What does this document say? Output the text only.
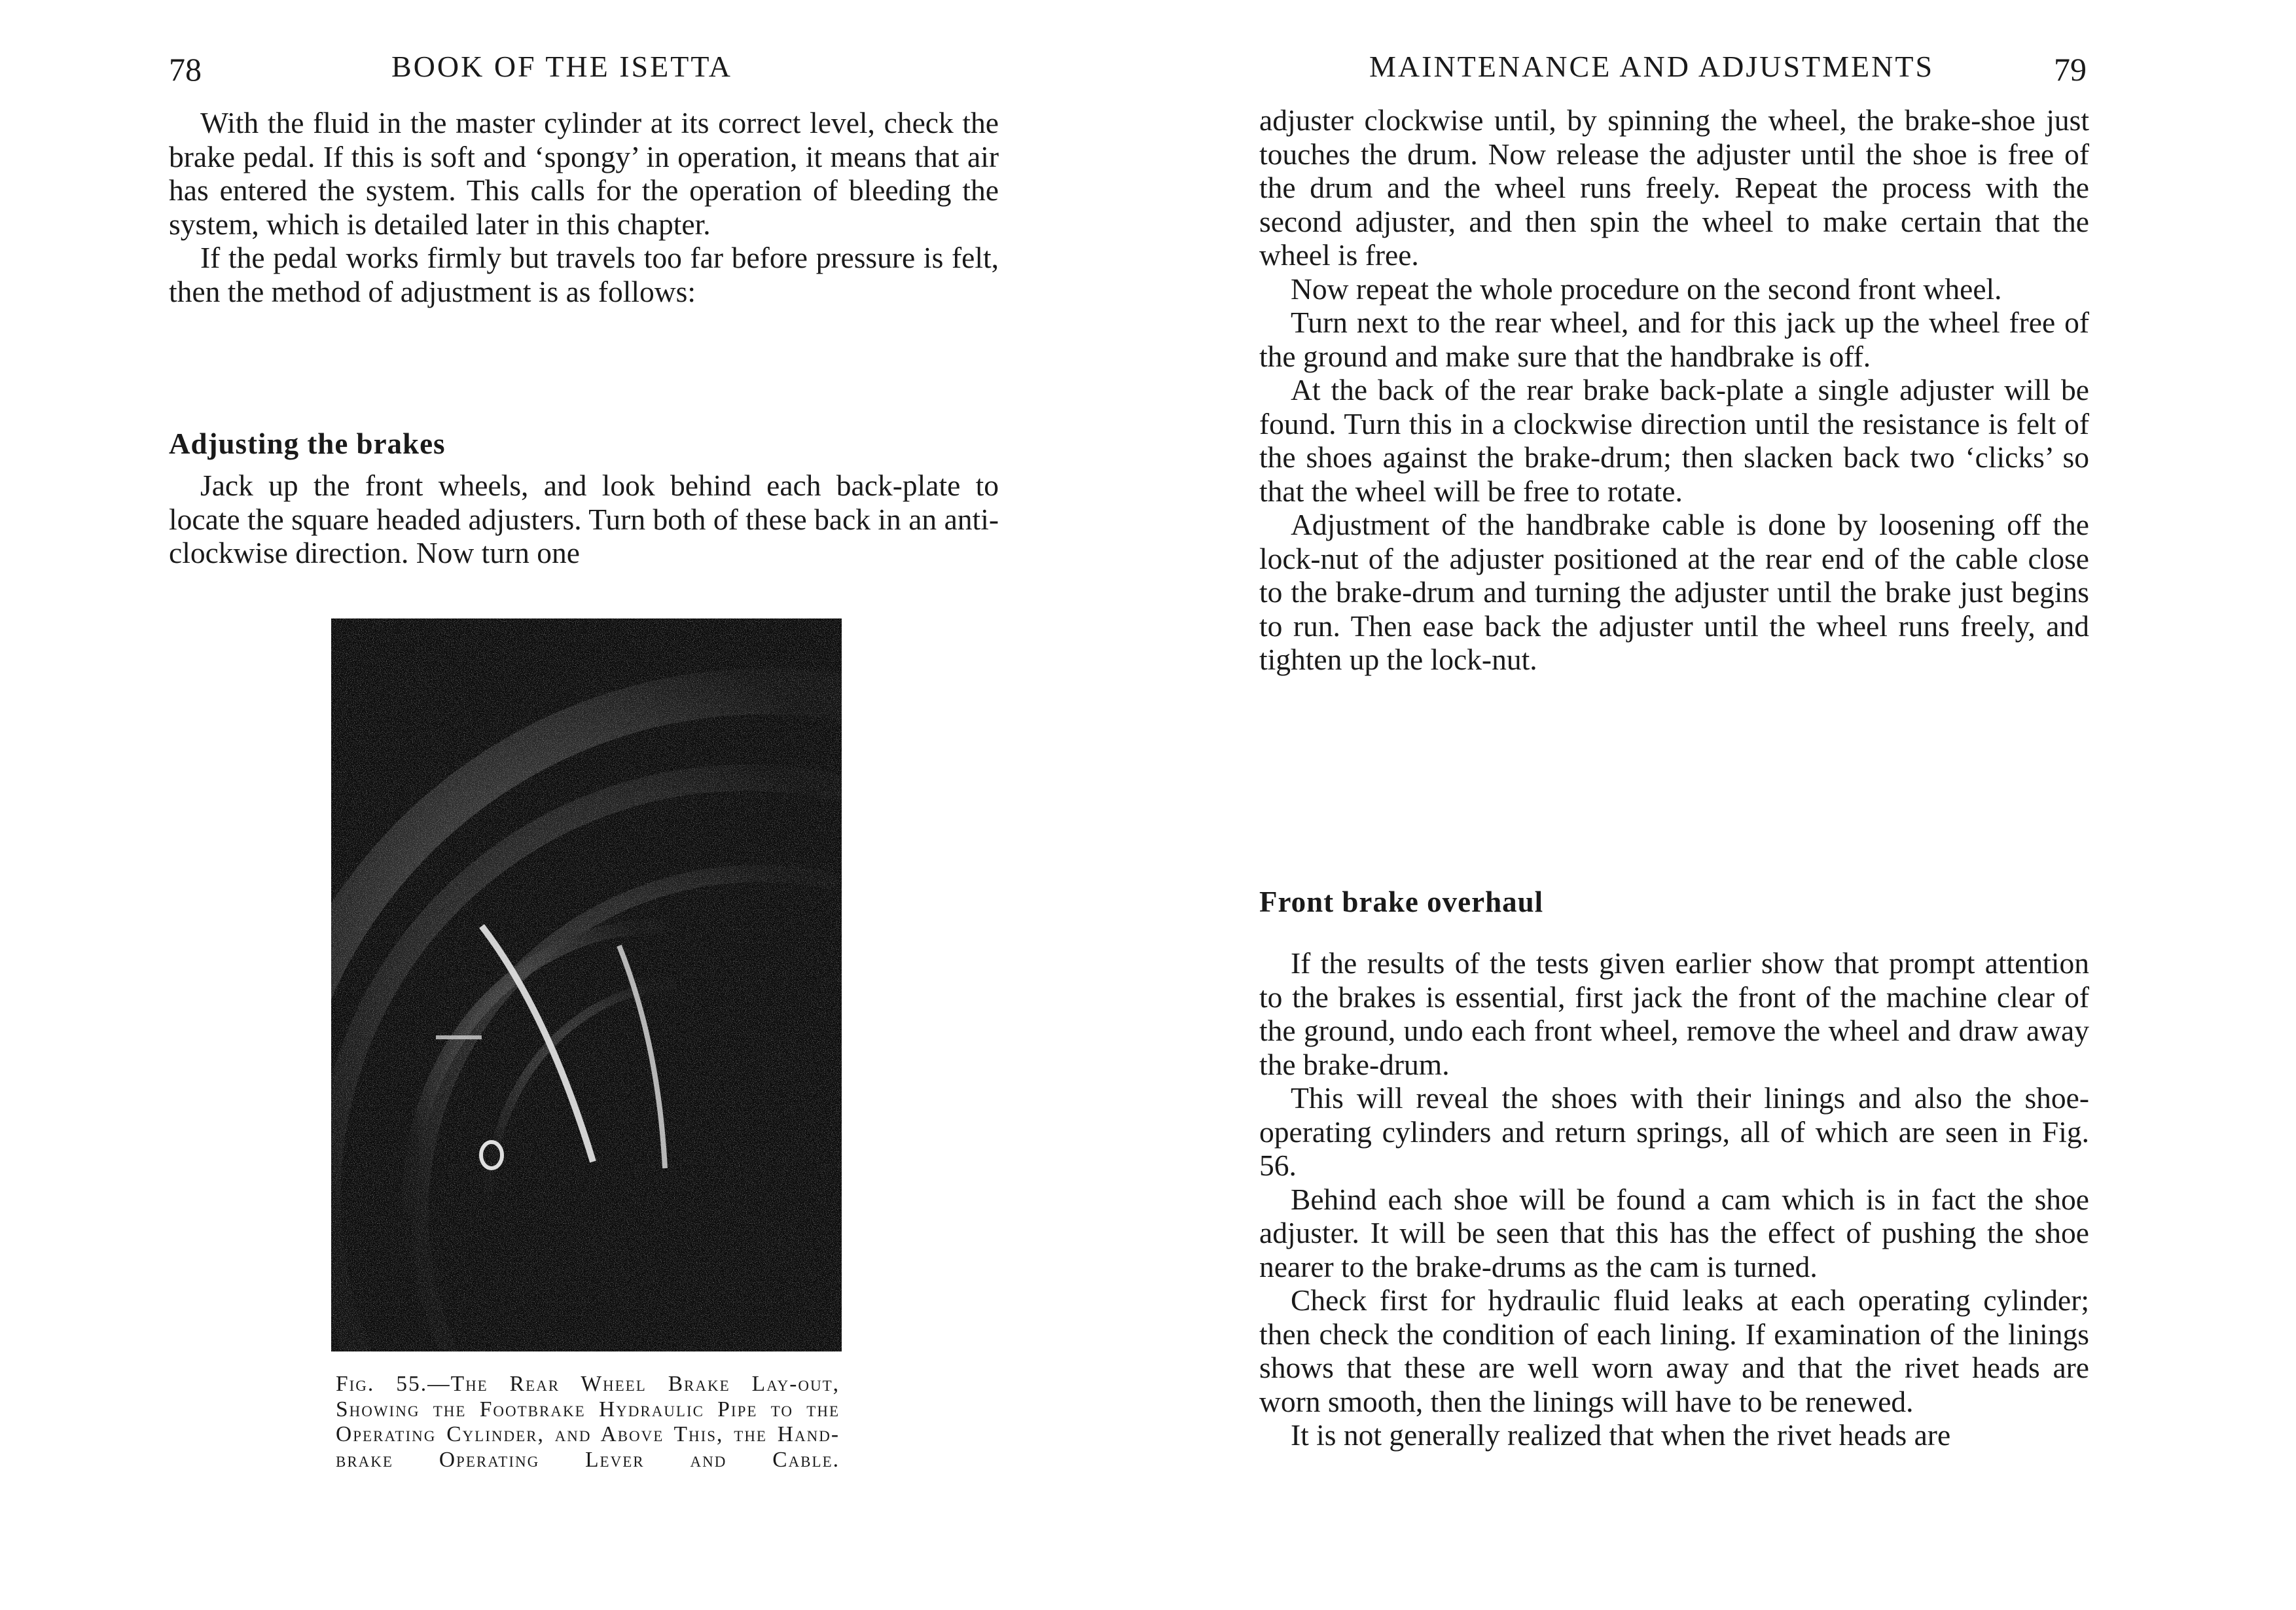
78	BOOK OF THE ISETTA

With the fluid in the master cylinder at its correct level, check the brake pedal. If this is soft and ‘spongy’ in operation, it means that air has entered the system. This calls for the operation of bleeding the system, which is detailed later in this chapter.

If the pedal works firmly but travels too far before pressure is felt, then the method of adjustment is as follows:

Adjusting the brakes

Jack up the front wheels, and look behind each back-plate to locate the square headed adjusters. Turn both of these back in an anti-clockwise direction. Now turn one

Fig. 55.—The Rear Wheel Brake Lay-out, Showing the Footbrake Hydraulic Pipe to the Operating Cylinder, and Above This, the Hand-brake Operating Lever and Cable.
MAINTENANCE AND ADJUSTMENTS	79

adjuster clockwise until, by spinning the wheel, the brake-shoe just touches the drum. Now release the adjuster until the shoe is free of the drum and the wheel runs freely. Repeat the process with the second adjuster, and then spin the wheel to make certain that the wheel is free.

Now repeat the whole procedure on the second front wheel.

Turn next to the rear wheel, and for this jack up the wheel free of the ground and make sure that the handbrake is off.

At the back of the rear brake back-plate a single adjuster will be found. Turn this in a clockwise direction until the resistance is felt of the shoes against the brake-drum; then slacken back two ‘clicks’ so that the wheel will be free to rotate.

Adjustment of the handbrake cable is done by loosening off the lock-nut of the adjuster positioned at the rear end of the cable close to the brake-drum and turning the adjuster until the brake just begins to run. Then ease back the adjuster until the wheel runs freely, and tighten up the lock-nut.

Front brake overhaul

If the results of the tests given earlier show that prompt attention to the brakes is essential, first jack the front of the machine clear of the ground, undo each front wheel, remove the wheel and draw away the brake-drum.

This will reveal the shoes with their linings and also the shoe-operating cylinders and return springs, all of which are seen in Fig. 56.

Behind each shoe will be found a cam which is in fact the shoe adjuster. It will be seen that this has the effect of pushing the shoe nearer to the brake-drums as the cam is turned.

Check first for hydraulic fluid leaks at each operating cylinder; then check the condition of each lining. If examination of the linings shows that these are well worn away and that the rivet heads are worn smooth, then the linings will have to be renewed.

It is not generally realized that when the rivet heads are
